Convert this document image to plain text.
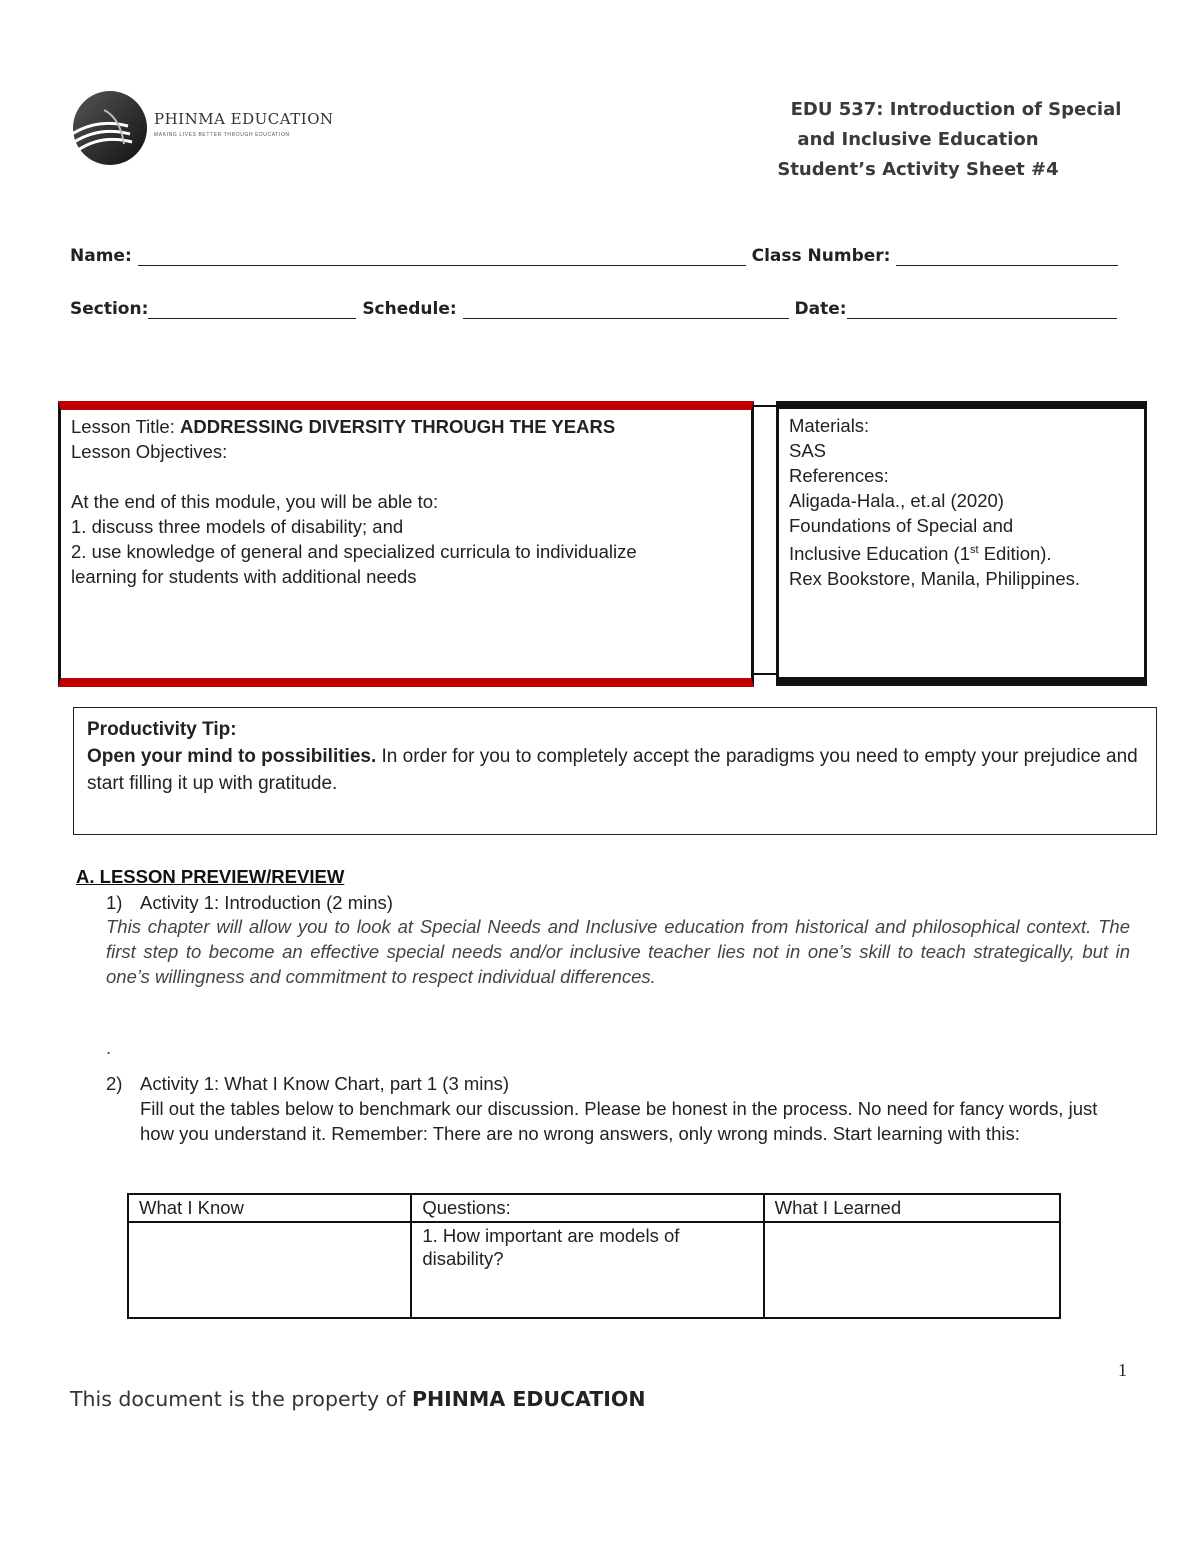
PHINMA EDUCATION
MAKING LIVES BETTER THROUGH EDUCATION
EDU 537: Introduction of Special
and Inclusive Education
Student’s Activity Sheet #4
Name:	Class Number:
Section:	Schedule:	Date:
Lesson Title: ADDRESSING DIVERSITY THROUGH THE YEARS
Lesson Objectives:
At the end of this module, you will be able to:
1. discuss three models of disability; and
2. use knowledge of general and specialized curricula to individualize
learning for students with additional needs
Materials:
SAS
References:
Aligada-Hala., et.al (2020)
Foundations of Special and
Inclusive Education (1st Edition).
Rex Bookstore, Manila, Philippines.
Productivity Tip:
Open your mind to possibilities. In order for you to completely accept the paradigms you need to empty your prejudice and start filling it up with gratitude.
A. LESSON PREVIEW/REVIEW
1) Activity 1: Introduction (2 mins)
This chapter will allow you to look at Special Needs and Inclusive education from historical and philosophical context. The first step to become an effective special needs and/or inclusive teacher lies not in one’s skill to teach strategically, but in one’s willingness and commitment to respect individual differences.
.
2) Activity 1: What I Know Chart, part 1 (3 mins)
Fill out the tables below to benchmark our discussion. Please be honest in the process. No need for fancy words, just how you understand it. Remember: There are no wrong answers, only wrong minds. Start learning with this:
What I Know	Questions:	What I Learned
	1. How important are models of disability?	
1
This document is the property of PHINMA EDUCATION
